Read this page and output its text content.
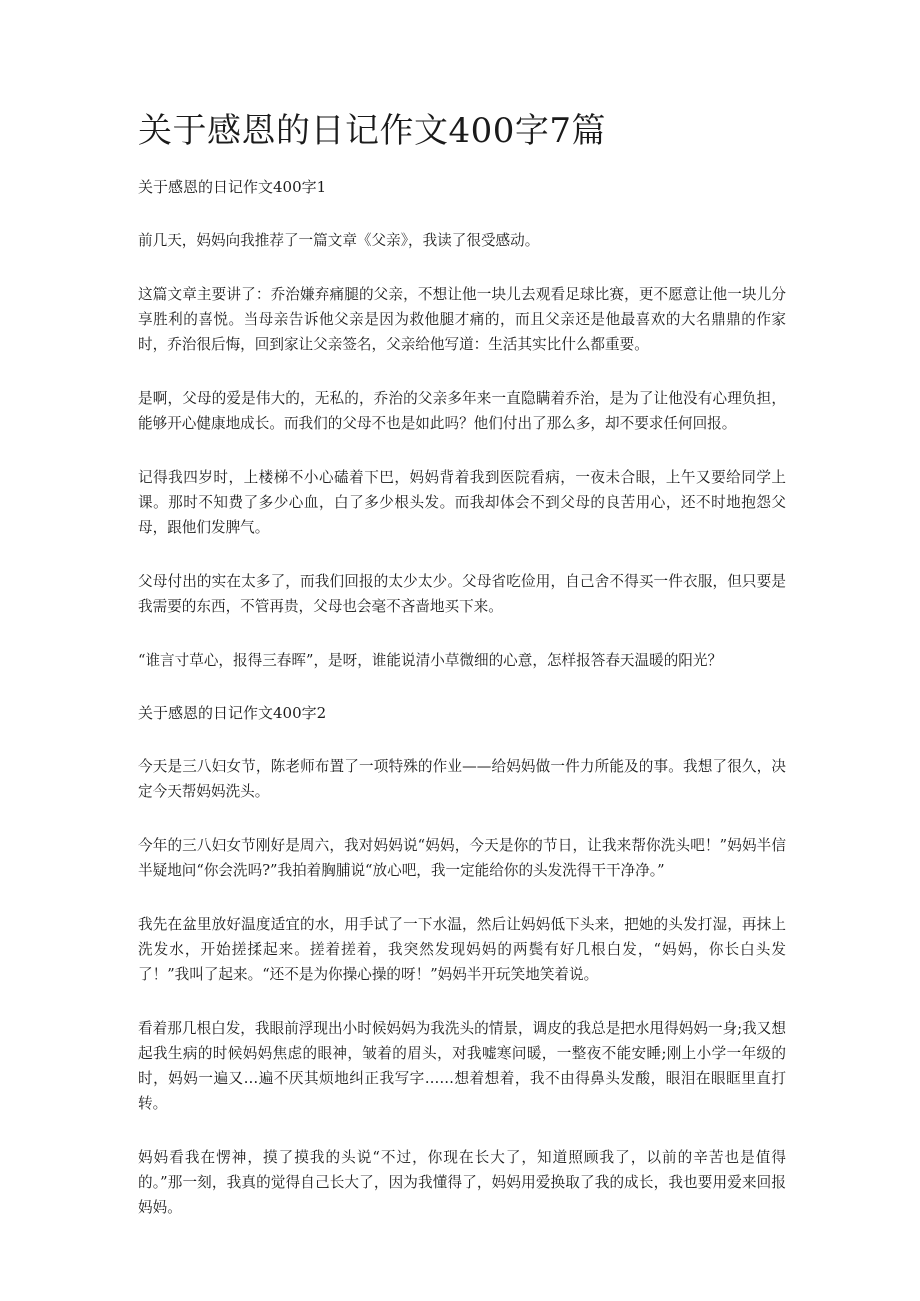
关于感恩的日记作文400字7篇
关于感恩的日记作文400字1

前几天，妈妈向我推荐了一篇文章《父亲》，我读了很受感动。

这篇文章主要讲了：乔治嫌弃痛腿的父亲，不想让他一块儿去观看足球比赛，更不愿意让他一块儿分享胜利的喜悦。当母亲告诉他父亲是因为救他腿才痛的，而且父亲还是他最喜欢的大名鼎鼎的作家时，乔治很后悔，回到家让父亲签名，父亲给他写道：生活其实比什么都重要。

是啊，父母的爱是伟大的，无私的，乔治的父亲多年来一直隐瞒着乔治，是为了让他没有心理负担，能够开心健康地成长。而我们的父母不也是如此吗？他们付出了那么多，却不要求任何回报。

记得我四岁时，上楼梯不小心磕着下巴，妈妈背着我到医院看病，一夜未合眼，上午又要给同学上课。那时不知费了多少心血，白了多少根头发。而我却体会不到父母的良苦用心，还不时地抱怨父母，跟他们发脾气。

父母付出的实在太多了，而我们回报的太少太少。父母省吃俭用，自己舍不得买一件衣服，但只要是我需要的东西，不管再贵，父母也会毫不吝啬地买下来。

“谁言寸草心，报得三春晖”，是呀，谁能说清小草微细的心意，怎样报答春天温暖的阳光？

关于感恩的日记作文400字2

今天是三八妇女节，陈老师布置了一项特殊的作业——给妈妈做一件力所能及的事。我想了很久，决定今天帮妈妈洗头。

今年的三八妇女节刚好是周六，我对妈妈说“妈妈，今天是你的节日，让我来帮你洗头吧！”妈妈半信半疑地问“你会洗吗?”我拍着胸脯说“放心吧，我一定能给你的头发洗得干干净净。”

我先在盆里放好温度适宜的水，用手试了一下水温，然后让妈妈低下头来，把她的头发打湿，再抹上洗发水，开始搓揉起来。搓着搓着，我突然发现妈妈的两鬓有好几根白发，“妈妈，你长白头发了！”我叫了起来。“还不是为你操心操的呀！”妈妈半开玩笑地笑着说。

看着那几根白发，我眼前浮现出小时候妈妈为我洗头的情景，调皮的我总是把水甩得妈妈一身;我又想起我生病的时候妈妈焦虑的眼神，皱着的眉头，对我嘘寒问暖，一整夜不能安睡;刚上小学一年级的时，妈妈一遍又…遍不厌其烦地纠正我写字……想着想着，我不由得鼻头发酸，眼泪在眼眶里直打转。

妈妈看我在愣神，摸了摸我的头说“不过，你现在长大了，知道照顾我了，以前的辛苦也是值得的。”那一刻，我真的觉得自己长大了，因为我懂得了，妈妈用爱换取了我的成长，我也要用爱来回报妈妈。
